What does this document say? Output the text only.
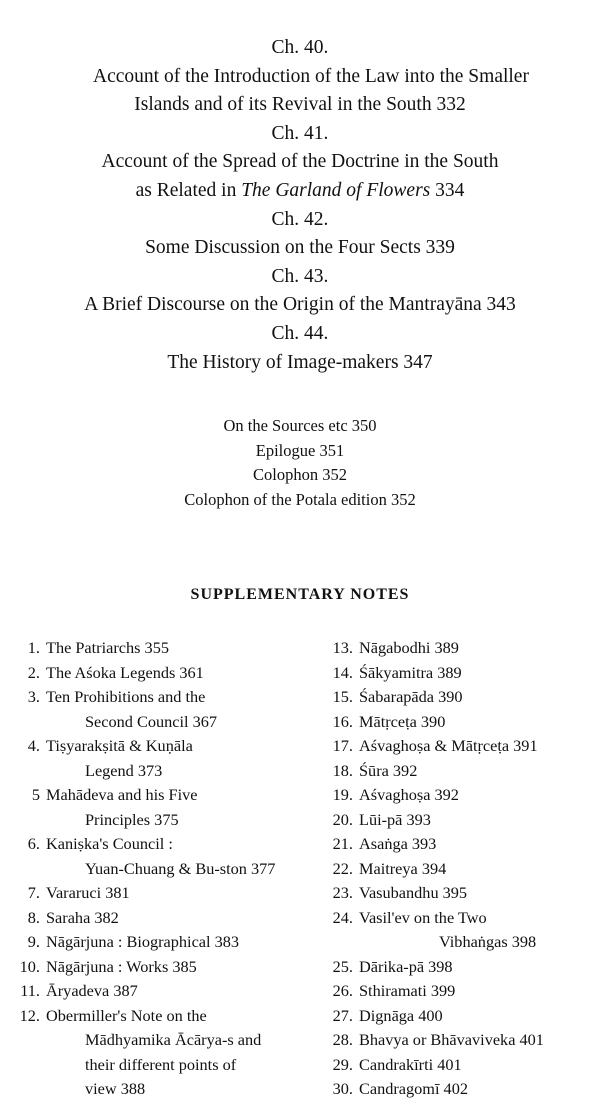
Ch. 40.

Account of the Introduction of the Law into the Smaller

Islands and of its Revival in the South 332

Ch. 41.

Account of the Spread of the Doctrine in the South

as Related in The Garland of Flowers 334

Ch. 42.

Some Discussion on the Four Sects 339

Ch. 43.

A Brief Discourse on the Origin of the Mantrayāna 343

Ch. 44.

The History of Image-makers 347

On the Sources etc 350

Epilogue 351

Colophon 352

Colophon of the Potala edition 352

SUPPLEMENTARY NOTES
1. The Patriarchs 355
2. The Aśoka Legends 361
3. Ten Prohibitions and the
Second Council 367
4. Tiṣyarakṣitā & Kuṇāla
Legend 373
5 Mahādeva and his Five
Principles 375
6. Kaniṣka's Council :
Yuan-Chuang & Bu-ston 377
7. Vararuci 381
8. Saraha 382
9. Nāgārjuna : Biographical 383
10. Nāgārjuna : Works 385
11. Āryadeva 387
12. Obermiller's Note on the
Mādhyamika Ācārya-s and
their different points of
view 388
13. Nāgabodhi 389
14. Śākyamitra 389
15. Śabarapāda 390
16. Mātṛceṭa 390
17. Aśvaghoṣa & Mātṛceṭa 391
18. Śūra 392
19. Aśvaghoṣa 392
20. Lūi-pā 393
21. Asaṅga 393
22. Maitreya 394
23. Vasubandhu 395
24. Vasil'ev on the Two
Vibhaṅgas 398
25. Dārika-pā 398
26. Sthiramati 399
27. Dignāga 400
28. Bhavya or Bhāvaviveka 401
29. Candrakīrti 401
30. Candragomī 402
